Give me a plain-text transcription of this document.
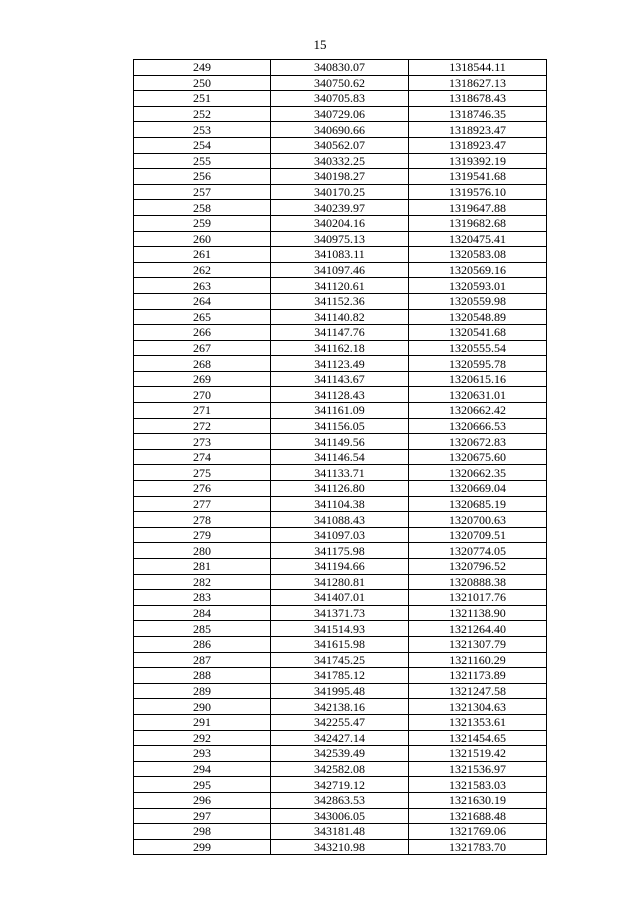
15
249	340830.07	1318544.11
250	340750.62	1318627.13
251	340705.83	1318678.43
252	340729.06	1318746.35
253	340690.66	1318923.47
254	340562.07	1318923.47
255	340332.25	1319392.19
256	340198.27	1319541.68
257	340170.25	1319576.10
258	340239.97	1319647.88
259	340204.16	1319682.68
260	340975.13	1320475.41
261	341083.11	1320583.08
262	341097.46	1320569.16
263	341120.61	1320593.01
264	341152.36	1320559.98
265	341140.82	1320548.89
266	341147.76	1320541.68
267	341162.18	1320555.54
268	341123.49	1320595.78
269	341143.67	1320615.16
270	341128.43	1320631.01
271	341161.09	1320662.42
272	341156.05	1320666.53
273	341149.56	1320672.83
274	341146.54	1320675.60
275	341133.71	1320662.35
276	341126.80	1320669.04
277	341104.38	1320685.19
278	341088.43	1320700.63
279	341097.03	1320709.51
280	341175.98	1320774.05
281	341194.66	1320796.52
282	341280.81	1320888.38
283	341407.01	1321017.76
284	341371.73	1321138.90
285	341514.93	1321264.40
286	341615.98	1321307.79
287	341745.25	1321160.29
288	341785.12	1321173.89
289	341995.48	1321247.58
290	342138.16	1321304.63
291	342255.47	1321353.61
292	342427.14	1321454.65
293	342539.49	1321519.42
294	342582.08	1321536.97
295	342719.12	1321583.03
296	342863.53	1321630.19
297	343006.05	1321688.48
298	343181.48	1321769.06
299	343210.98	1321783.70
